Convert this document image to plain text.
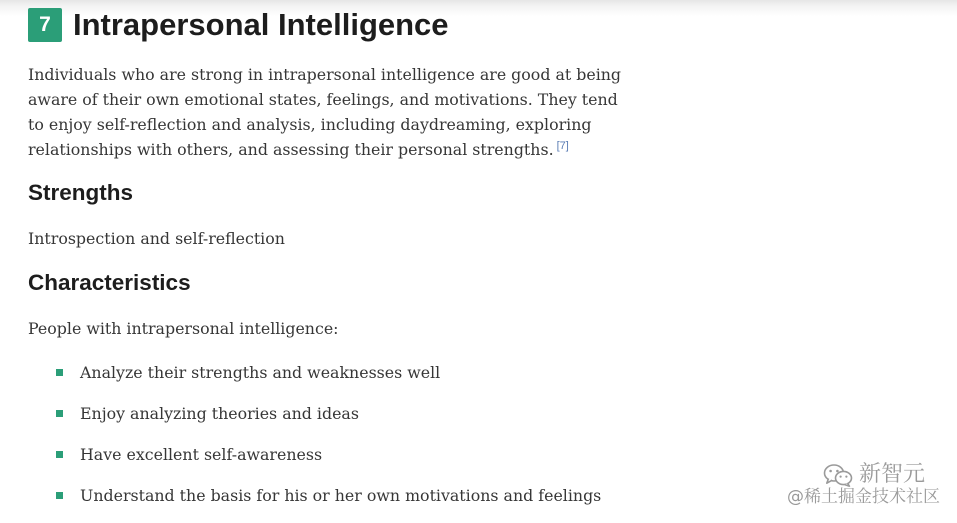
7 Intrapersonal Intelligence

Individuals who are strong in intrapersonal intelligence are good at being
aware of their own emotional states, feelings, and motivations. They tend
to enjoy self-reflection and analysis, including daydreaming, exploring
relationships with others, and assessing their personal strengths. [7]

Strengths

Introspection and self-reflection

Characteristics

People with intrapersonal intelligence:

Analyze their strengths and weaknesses well
Enjoy analyzing theories and ideas
Have excellent self-awareness
Understand the basis for his or her own motivations and feelings
新智元
@稀土掘金技术社区
